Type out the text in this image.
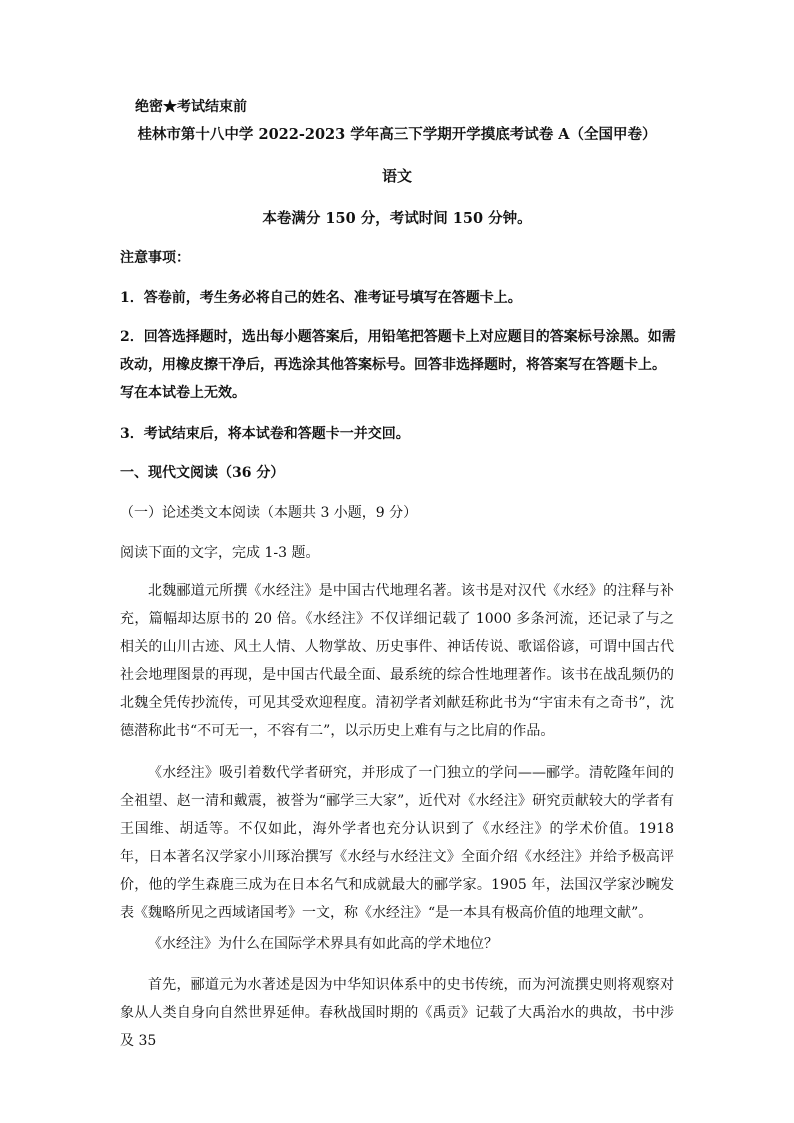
绝密★考试结束前
桂林市第十八中学 2022-2023 学年高三下学期开学摸底考试卷 A（全国甲卷）
语文
本卷满分 150 分，考试时间 150 分钟。
注意事项：
1．答卷前，考生务必将自己的姓名、准考证号填写在答题卡上。
2．回答选择题时，选出每小题答案后，用铅笔把答题卡上对应题目的答案标号涂黑。如需
改动，用橡皮擦干净后，再选涂其他答案标号。回答非选择题时，将答案写在答题卡上。
写在本试卷上无效。
3．考试结束后，将本试卷和答题卡一并交回。
一、现代文阅读（36 分）
（一）论述类文本阅读（本题共 3 小题，9 分）
阅读下面的文字，完成 1-3 题。

北魏郦道元所撰《水经注》是中国古代地理名著。该书是对汉代《水经》的注释与补充，篇幅却达原书的 20 倍。《水经注》不仅详细记载了 1000 多条河流，还记录了与之相关的山川古迹、风土人情、人物掌故、历史事件、神话传说、歌谣俗谚，可谓中国古代社会地理图景的再现，是中国古代最全面、最系统的综合性地理著作。该书在战乱频仍的北魏全凭传抄流传，可见其受欢迎程度。清初学者刘献廷称此书为“宇宙未有之奇书”，沈德潜称此书“不可无一，不容有二”，以示历史上难有与之比肩的作品。

《水经注》吸引着数代学者研究，并形成了一门独立的学问——郦学。清乾隆年间的全祖望、赵一清和戴震，被誉为“郦学三大家”，近代对《水经注》研究贡献较大的学者有王国维、胡适等。不仅如此，海外学者也充分认识到了《水经注》的学术价值。1918 年，日本著名汉学家小川琢治撰写《水经与水经注文》全面介绍《水经注》并给予极高评价，他的学生森鹿三成为在日本名气和成就最大的郦学家。1905 年，法国汉学家沙畹发表《魏略所见之西域诸国考》一文，称《水经注》“是一本具有极高价值的地理文献”。

《水经注》为什么在国际学术界具有如此高的学术地位？

首先，郦道元为水著述是因为中华知识体系中的史书传统，而为河流撰史则将观察对象从人类自身向自然世界延伸。春秋战国时期的《禹贡》记载了大禹治水的典故，书中涉及 35
